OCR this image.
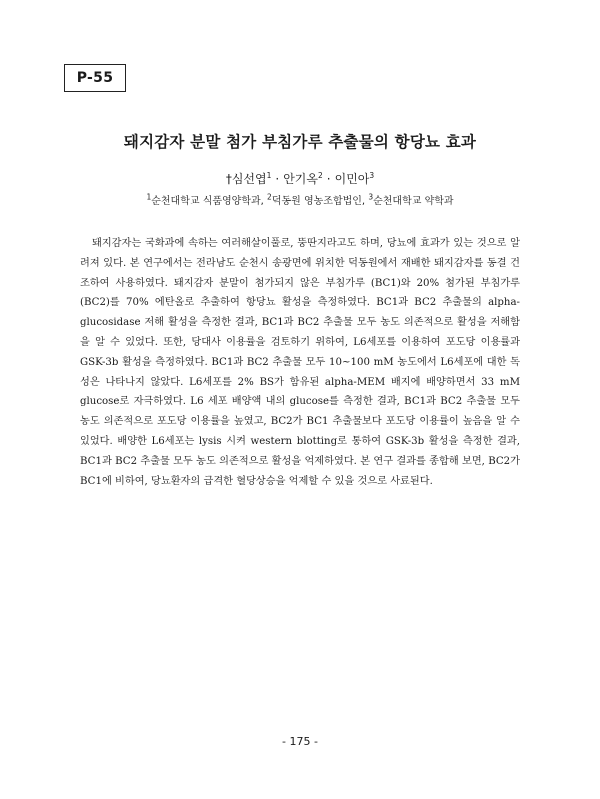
P-55
돼지감자 분말 첨가 부침가루 추출물의 항당뇨 효과
†심선엽$^1$ · 안기옥$^2$ · 이민아$^3$
$^1$순천대학교 식품영양학과, $^2$덕동원 영농조합법인, $^3$순천대학교 약학과

돼지감자는 국화과에 속하는 여러해살이풀로, 뚱딴지라고도 하며, 당뇨에 효과가 있는 것으로 알려져 있다. 본 연구에서는 전라남도 순천시 송광면에 위치한 덕동원에서 재배한 돼지감자를 동결 건조하여 사용하였다. 돼지감자 분말이 첨가되지 않은 부침가루 (BC1)와 20% 첨가된 부침가루(BC2)를 70% 에탄올로 추출하여 항당뇨 활성을 측정하였다. BC1과 BC2 추출물의 alpha-glucosidase 저해 활성을 측정한 결과, BC1과 BC2 추출물 모두 농도 의존적으로 활성을 저해함을 알 수 있었다. 또한, 당대사 이용률을 검토하기 위하여, L6세포를 이용하여 포도당 이용률과 GSK-3b 활성을 측정하였다. BC1과 BC2 추출물 모두 10~100 mM 농도에서 L6세포에 대한 독성은 나타나지 않았다. L6세포를 2% BS가 함유된 alpha-MEM 배지에 배양하면서 33 mM glucose로 자극하였다. L6 세포 배양액 내의 glucose를 측정한 결과, BC1과 BC2 추출물 모두 농도 의존적으로 포도당 이용률을 높였고, BC2가 BC1 추출물보다 포도당 이용률이 높음을 알 수 있었다. 배양한 L6세포는 lysis 시켜 western blotting로 통하여 GSK-3b 활성을 측정한 결과, BC1과 BC2 추출물 모두 농도 의존적으로 활성을 억제하였다. 본 연구 결과를 종합해 보면, BC2가 BC1에 비하여, 당뇨환자의 급격한 혈당상승을 억제할 수 있을 것으로 사료된다.

- 175 -
